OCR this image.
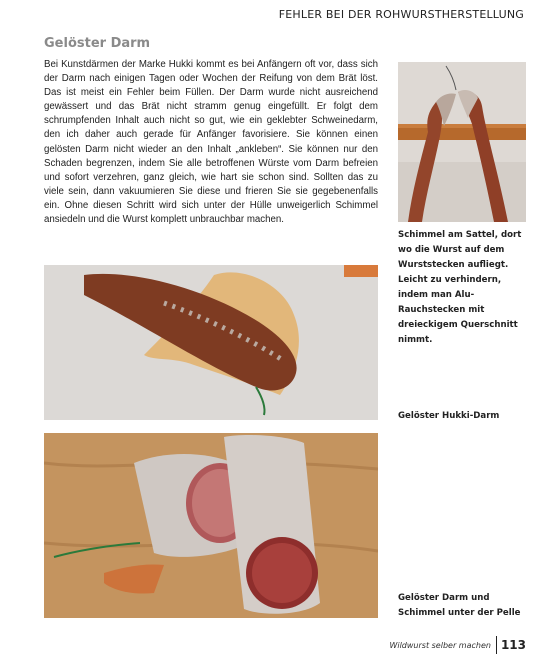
FEHLER BEI DER ROHWURSTHERSTELLUNG
Gelöster Darm
Bei Kunstdärmen der Marke Hukki kommt es bei Anfängern oft vor, dass sich der Darm nach einigen Tagen oder Wochen der Reifung von dem Brät löst. Das ist meist ein Fehler beim Füllen. Der Darm wurde nicht ausreichend gewässert und das Brät nicht stramm genug eingefüllt. Er folgt dem schrumpfenden Inhalt auch nicht so gut, wie ein geklebter Schweinedarm, den ich daher auch gerade für Anfänger favorisiere. Sie können einen gelösten Darm nicht wieder an den Inhalt „ankleben“. Sie können nur den Schaden begrenzen, indem Sie alle betroffenen Würste vom Darm befreien und sofort verzehren, ganz gleich, wie hart sie schon sind. Sollten das zu viele sein, dann vakuumieren Sie diese und frieren Sie sie gegebenenfalls ein. Ohne diesen Schritt wird sich unter der Hülle unweigerlich Schimmel ansiedeln und die Wurst komplett unbrauchbar machen.
Schimmel am Sattel, dort wo die Wurst auf dem Wurststecken aufliegt. Leicht zu verhindern, indem man Alu-Rauchstecken mit dreieckigem Querschnitt nimmt.
Gelöster Hukki-Darm
Gelöster Darm und Schimmel unter der Pelle
Wildwurst selber machen 113
